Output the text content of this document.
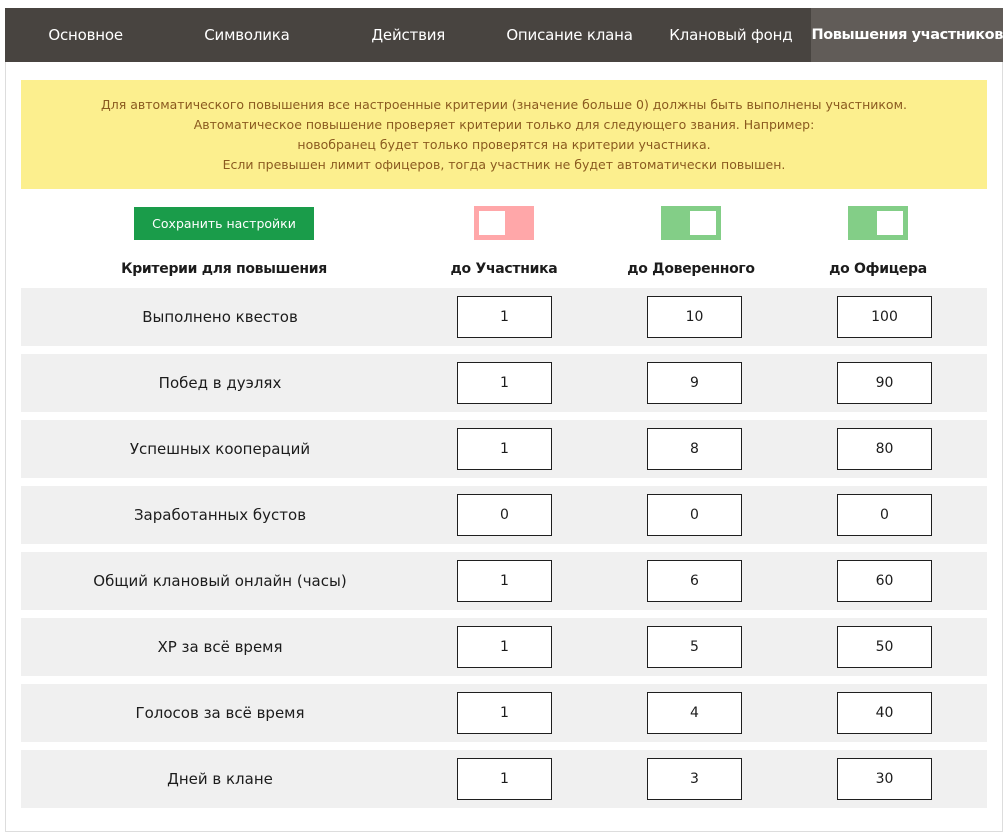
Основное	Символика	Действия	Описание клана	Клановый фонд	Повышения участников
Для автоматического повышения все настроенные критерии (значение больше 0) должны быть выполнены участником.
Автоматическое повышение проверяет критерии только для следующего звания. Например:
новобранец будет только проверятся на критерии участника.
Если превышен лимит офицеров, тогда участник не будет автоматически повышен.
Сохранить настройки
Критерии для повышения	до Участника	до Доверенного	до Офицера
Выполнено квестов	1	10	100
Побед в дуэлях	1	9	90
Успешных коопераций	1	8	80
Заработанных бустов	0	0	0
Общий клановый онлайн (часы)	1	6	60
XP за всё время	1	5	50
Голосов за всё время	1	4	40
Дней в клане	1	3	30
